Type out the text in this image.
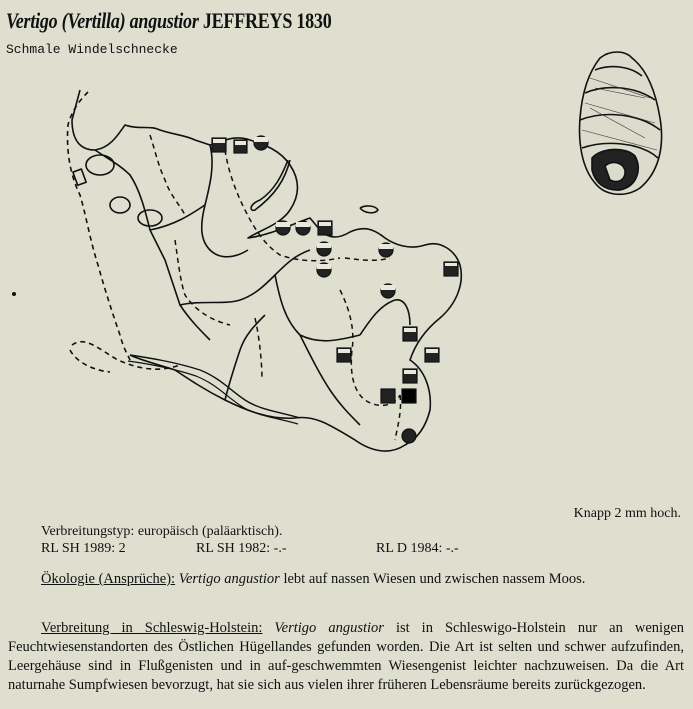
Vertigo (Vertilla) angustior JEFFREYS 1830
Schmale Windelschnecke
Knapp 2 mm hoch.
Verbreitungstyp: europäisch (paläarktisch).
RL SH 1989: 2	RL SH 1982: -.-	RL D 1984: -.-
Ökologie (Ansprüche): Vertigo angustior lebt auf nassen Wiesen und zwischen nassem Moos.
Verbreitung in Schleswig-Holstein: Vertigo angustior ist in Schleswigo-Holstein nur an wenigen Feuchtwiesenstandorten des Östlichen Hügellandes gefunden worden. Die Art ist selten und schwer aufzufinden, Leergehäuse sind in Flußgenisten und in auf-geschwemmten Wiesengenist leichter nachzuweisen. Da die Art naturnahe Sumpfwiesen bevorzugt, hat sie sich aus vielen ihrer früheren Lebensräume bereits zurückgezogen.
